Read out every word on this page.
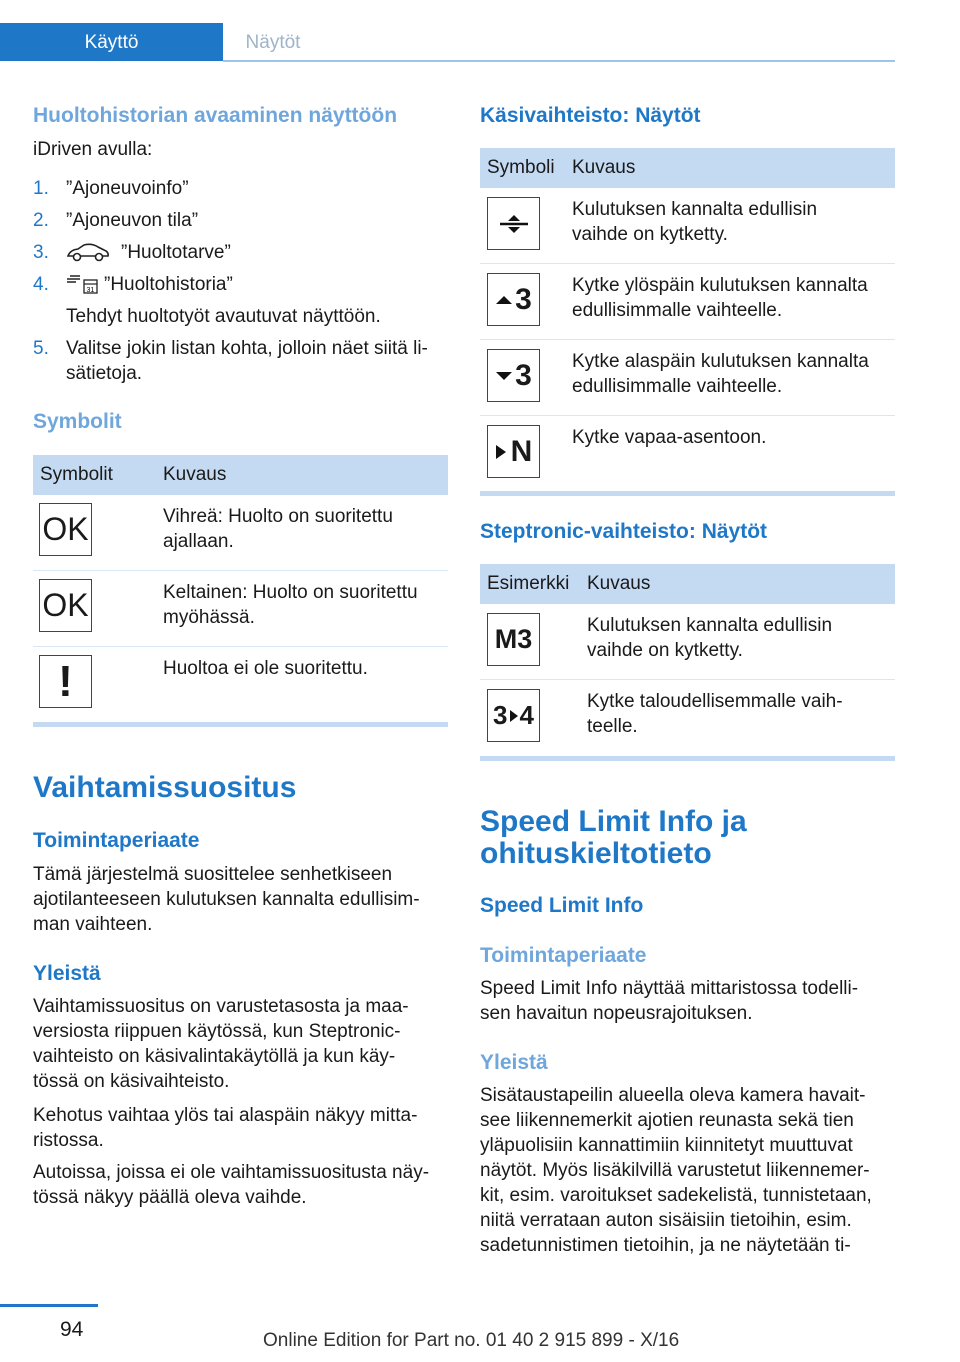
Käyttö	Näytöt
Huoltohistorian avaaminen näyttöön
iDriven avulla:
1. ”Ajoneuvoinfo”
2. ”Ajoneuvon tila”
3.	”Huoltotarve”
4.	31 ”Huoltohistoria”
Tehdyt huoltotyöt avautuvat näyttöön.
5. Valitse jokin listan kohta, jolloin näet siitä li-
sätietoja.
Symbolit
Symbolit	Kuvaus
OK	Vihreä: Huolto on suoritettu
ajallaan.
OK	Keltainen: Huolto on suoritettu
myöhässä.
!	Huoltoa ei ole suoritettu.
Vaihtamissuositus
Toimintaperiaate
Tämä järjestelmä suosittelee senhetkiseen
ajotilanteeseen kulutuksen kannalta edullisim-
man vaihteen.
Yleistä
Vaihtamissuositus on varustetasosta ja maa-
versiosta riippuen käytössä, kun Steptronic-
vaihteisto on käsivalintakäytöllä ja kun käy-
tössä on käsivaihteisto.
Kehotus vaihtaa ylös tai alaspäin näkyy mitta-
ristossa.
Autoissa, joissa ei ole vaihtamissuositusta näy-
tössä näkyy päällä oleva vaihde.
Käsivaihteisto: Näytöt
Symboli Kuvaus
Kulutuksen kannalta edullisin
vaihde on kytketty.
3 Kytke ylöspäin kulutuksen kannalta
edullisimmalle vaihteelle.
3 Kytke alaspäin kulutuksen kannalta
edullisimmalle vaihteelle.
N Kytke vapaa-asentoon.
Steptronic-vaihteisto: Näytöt
Esimerkki Kuvaus
M3	Kulutuksen kannalta edullisin
vaihde on kytketty.
3 4	Kytke taloudellisemmalle vaih-
teelle.
Speed Limit Info ja
ohituskieltotieto
Speed Limit Info
Toimintaperiaate
Speed Limit Info näyttää mittaristossa todelli-
sen havaitun nopeusrajoituksen.
Yleistä
Sisätaustapeilin alueella oleva kamera havait-
see liikennemerkit ajotien reunasta sekä tien
yläpuolisiin kannattimiin kiinnitetyt muuttuvat
näytöt. Myös lisäkilvillä varustetut liikennemer-
kit, esim. varoitukset sadekelistä, tunnistetaan,
niitä verrataan auton sisäisiin tietoihin, esim.
sadetunnistimen tietoihin, ja ne näytetään ti-
94	Online Edition for Part no. 01 40 2 915 899 - X/16
